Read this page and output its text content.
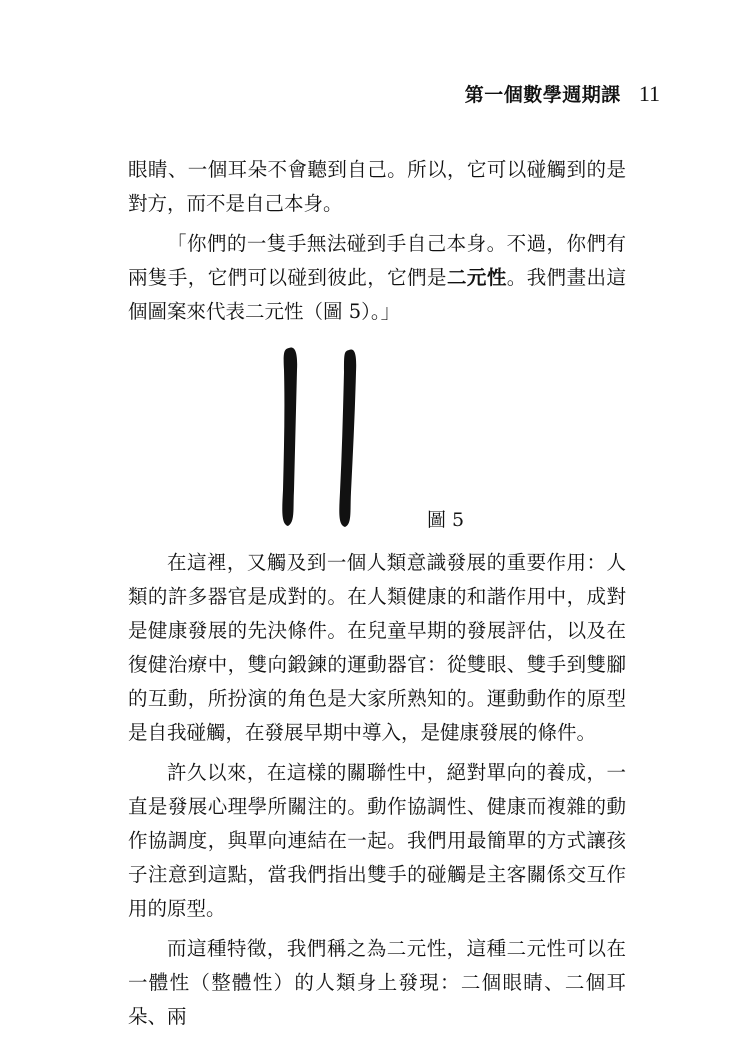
第一個數學週期課 11

眼睛、一個耳朵不會聽到自己。所以，它可以碰觸到的是對方，而不是自己本身。

「你們的一隻手無法碰到手自己本身。不過，你們有兩隻手，它們可以碰到彼此，它們是二元性。我們畫出這個圖案來代表二元性（圖 5）。」

圖 5

在這裡，又觸及到一個人類意識發展的重要作用：人類的許多器官是成對的。在人類健康的和諧作用中，成對是健康發展的先決條件。在兒童早期的發展評估，以及在復健治療中，雙向鍛鍊的運動器官：從雙眼、雙手到雙腳的互動，所扮演的角色是大家所熟知的。運動動作的原型是自我碰觸，在發展早期中導入，是健康發展的條件。

許久以來，在這樣的關聯性中，絕對單向的養成，一直是發展心理學所關注的。動作協調性、健康而複雜的動作協調度，與單向連結在一起。我們用最簡單的方式讓孩子注意到這點，當我們指出雙手的碰觸是主客關係交互作用的原型。

而這種特徵，我們稱之為二元性，這種二元性可以在一體性（整體性）的人類身上發現：二個眼睛、二個耳朵、兩
